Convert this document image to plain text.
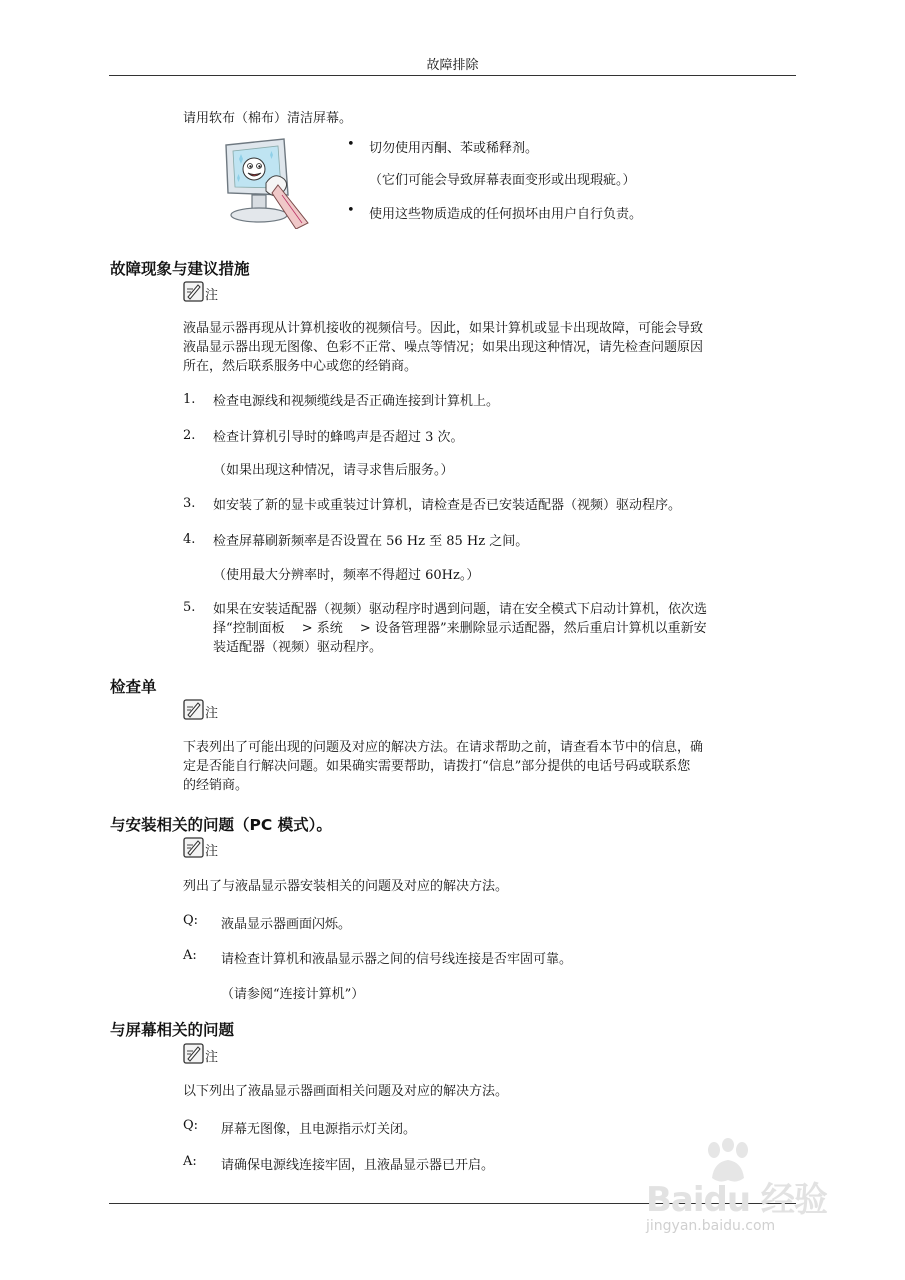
故障排除
请用软布（棉布）清洁屏幕。
• 切勿使用丙酮、苯或稀释剂。
（它们可能会导致屏幕表面变形或出现瑕疵。）
• 使用这些物质造成的任何损坏由用户自行负责。
故障现象与建议措施
注
液晶显示器再现从计算机接收的视频信号。因此，如果计算机或显卡出现故障，可能会导致
液晶显示器出现无图像、色彩不正常、噪点等情况；如果出现这种情况，请先检查问题原因
所在，然后联系服务中心或您的经销商。
1.	检查电源线和视频缆线是否正确连接到计算机上。
2.	检查计算机引导时的蜂鸣声是否超过 3 次。
（如果出现这种情况，请寻求售后服务。）
3.	如安装了新的显卡或重装过计算机，请检查是否已安装适配器（视频）驱动程序。
4.	检查屏幕刷新频率是否设置在 56 Hz 至 85 Hz 之间。
（使用最大分辨率时，频率不得超过 60Hz。）
5.	如果在安装适配器（视频）驱动程序时遇到问题，请在安全模式下启动计算机，依次选
择“控制面板　 > 系统　 > 设备管理器”来删除显示适配器，然后重启计算机以重新安
装适配器（视频）驱动程序。
检查单
注
下表列出了可能出现的问题及对应的解决方法。在请求帮助之前，请查看本节中的信息，确
定是否能自行解决问题。如果确实需要帮助，请拨打“信息”部分提供的电话号码或联系您
的经销商。
与安装相关的问题（PC 模式）。
注
列出了与液晶显示器安装相关的问题及对应的解决方法。
Q: 液晶显示器画面闪烁。
A: 请检查计算机和液晶显示器之间的信号线连接是否牢固可靠。
（请参阅“连接计算机”）
与屏幕相关的问题
注
以下列出了液晶显示器画面相关问题及对应的解决方法。
Q: 屏幕无图像，且电源指示灯关闭。
A: 请确保电源线连接牢固，且液晶显示器已开启。
Baidu 经验
jingyan.baidu.com
